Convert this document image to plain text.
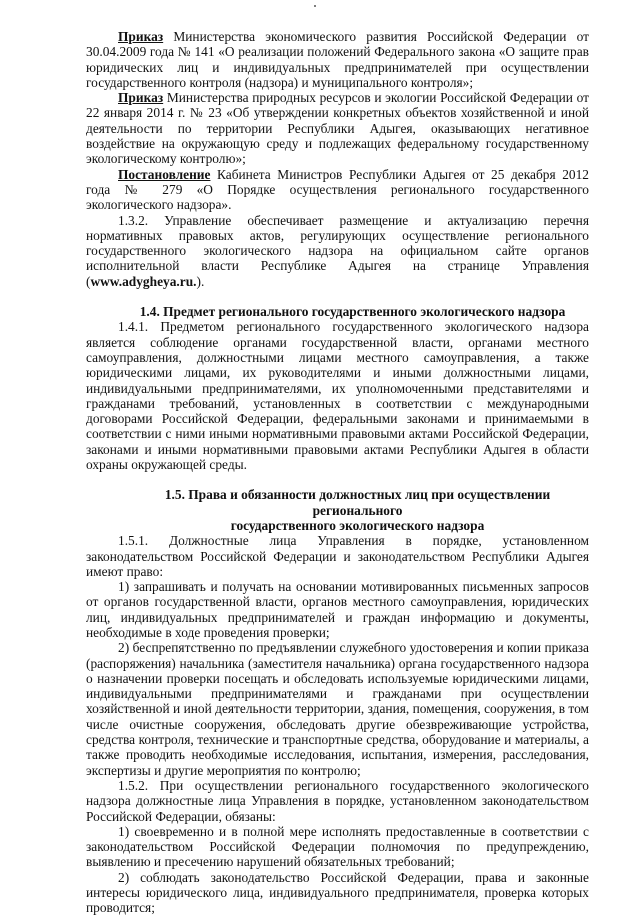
Приказ Министерства экономического развития Российской Федерации от 30.04.2009 года № 141 «О реализации положений Федерального закона «О защите прав юридических лиц и индивидуальных предпринимателей при осуществлении государственного контроля (надзора) и муниципального контроля»;

Приказ Министерства природных ресурсов и экологии Российской Федерации от 22 января 2014 г. № 23 «Об утверждении конкретных объектов хозяйственной и иной деятельности по территории Республики Адыгея, оказывающих негативное воздействие на окружающую среду и подлежащих федеральному государственному экологическому контролю»;

Постановление Кабинета Министров Республики Адыгея от 25 декабря 2012 года № 279 «О Порядке осуществления регионального государственного экологического надзора».

1.3.2. Управление обеспечивает размещение и актуализацию перечня нормативных правовых актов, регулирующих осуществление регионального государственного экологического надзора на официальном сайте органов исполнительной власти Республике Адыгея на странице Управления (www.adygheya.ru.).

1.4. Предмет регионального государственного экологического надзора

1.4.1. Предметом регионального государственного экологического надзора является соблюдение органами государственной власти, органами местного самоуправления, должностными лицами местного самоуправления, а также юридическими лицами, их руководителями и иными должностными лицами, индивидуальными предпринимателями, их уполномоченными представителями и гражданами требований, установленных в соответствии с международными договорами Российской Федерации, федеральными законами и принимаемыми в соответствии с ними иными нормативными правовыми актами Российской Федерации, законами и иными нормативными правовыми актами Республики Адыгея в области охраны окружающей среды.

1.5. Права и обязанности должностных лиц при осуществлении регионального
государственного экологического надзора

1.5.1. Должностные лица Управления в порядке, установленном законодательством Российской Федерации и законодательством Республики Адыгея имеют право:

1) запрашивать и получать на основании мотивированных письменных запросов от органов государственной власти, органов местного самоуправления, юридических лиц, индивидуальных предпринимателей и граждан информацию и документы, необходимые в ходе проведения проверки;

2) беспрепятственно по предъявлении служебного удостоверения и копии приказа (распоряжения) начальника (заместителя начальника) органа государственного надзора о назначении проверки посещать и обследовать используемые юридическими лицами, индивидуальными предпринимателями и гражданами при осуществлении хозяйственной и иной деятельности территории, здания, помещения, сооружения, в том числе очистные сооружения, обследовать другие обезвреживающие устройства, средства контроля, технические и транспортные средства, оборудование и материалы, а также проводить необходимые исследования, испытания, измерения, расследования, экспертизы и другие мероприятия по контролю;

1.5.2. При осуществлении регионального государственного экологического надзора должностные лица Управления в порядке, установленном законодательством Российской Федерации, обязаны:

1) своевременно и в полной мере исполнять предоставленные в соответствии с законодательством Российской Федерации полномочия по предупреждению, выявлению и пресечению нарушений обязательных требований;

2) соблюдать законодательство Российской Федерации, права и законные интересы юридического лица, индивидуального предпринимателя, проверка которых проводится;
